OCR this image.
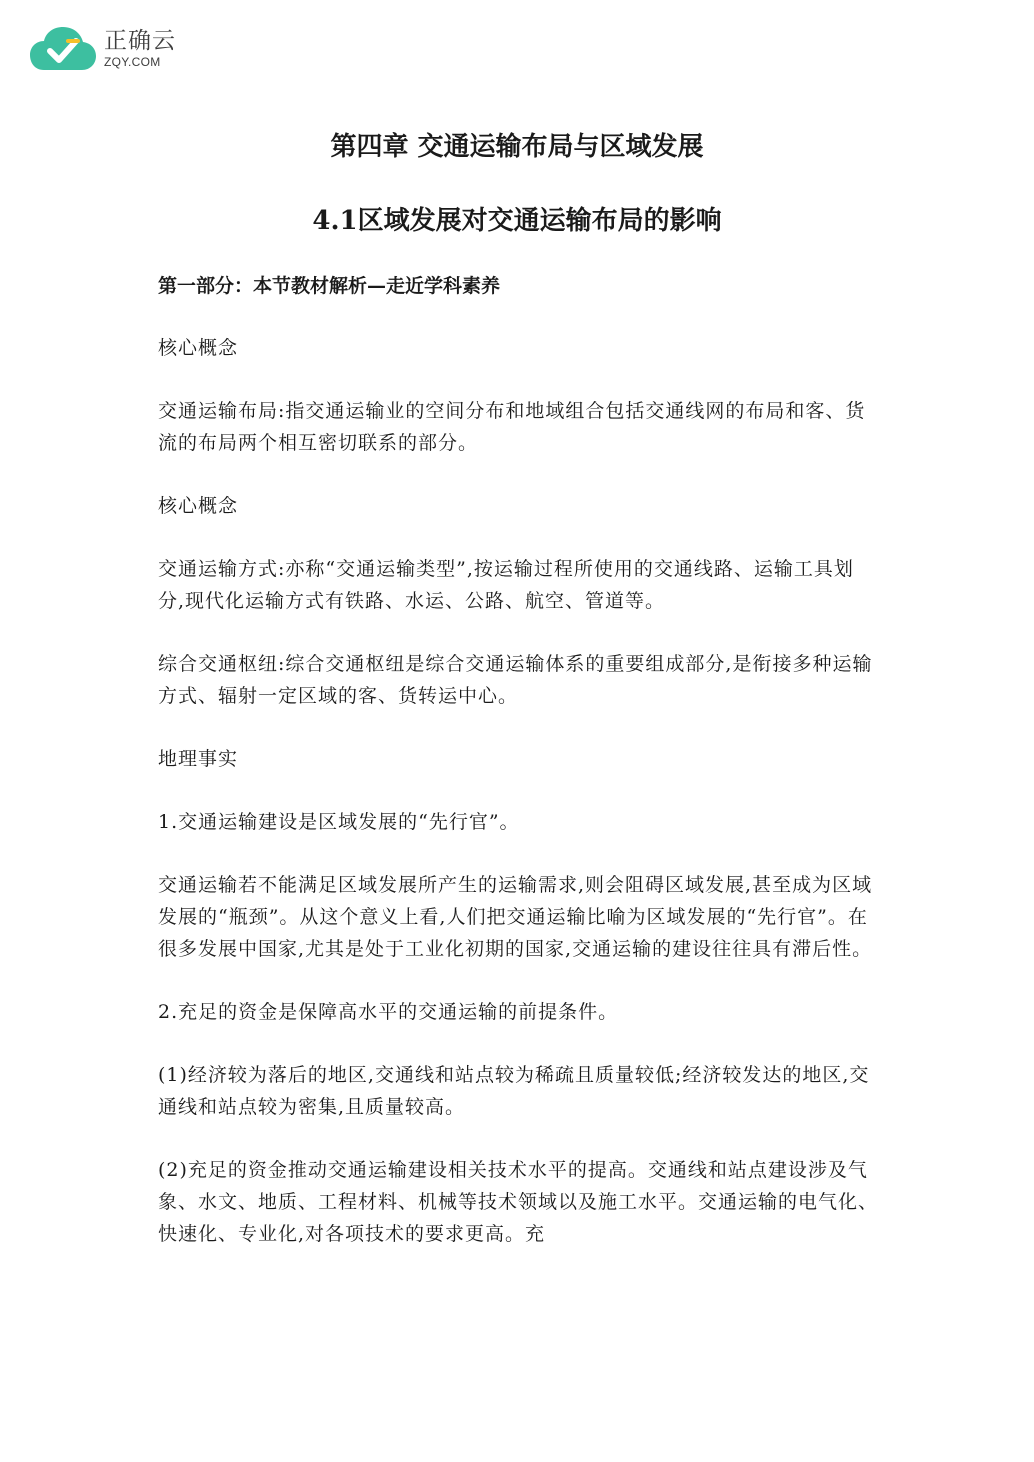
正确云
ZQY.COM
第四章 交通运输布局与区域发展
4.1区域发展对交通运输布局的影响

第一部分：本节教材解析—走近学科素养

核心概念

交通运输布局:指交通运输业的空间分布和地域组合包括交通线网的布局和客、货流的布局两个相互密切联系的部分。

核心概念

交通运输方式:亦称“交通运输类型”,按运输过程所使用的交通线路、运输工具划分,现代化运输方式有铁路、水运、公路、航空、管道等。

综合交通枢纽:综合交通枢纽是综合交通运输体系的重要组成部分,是衔接多种运输方式、辐射一定区域的客、货转运中心。

地理事实

1.交通运输建设是区域发展的“先行官”。

交通运输若不能满足区域发展所产生的运输需求,则会阻碍区域发展,甚至成为区域发展的“瓶颈”。从这个意义上看,人们把交通运输比喻为区域发展的“先行官”。在很多发展中国家,尤其是处于工业化初期的国家,交通运输的建设往往具有滞后性。

2.充足的资金是保障高水平的交通运输的前提条件。

(1)经济较为落后的地区,交通线和站点较为稀疏且质量较低;经济较发达的地区,交通线和站点较为密集,且质量较高。

(2)充足的资金推动交通运输建设相关技术水平的提高。交通线和站点建设涉及气象、水文、地质、工程材料、机械等技术领域以及施工水平。交通运输的电气化、快速化、专业化,对各项技术的要求更高。充
